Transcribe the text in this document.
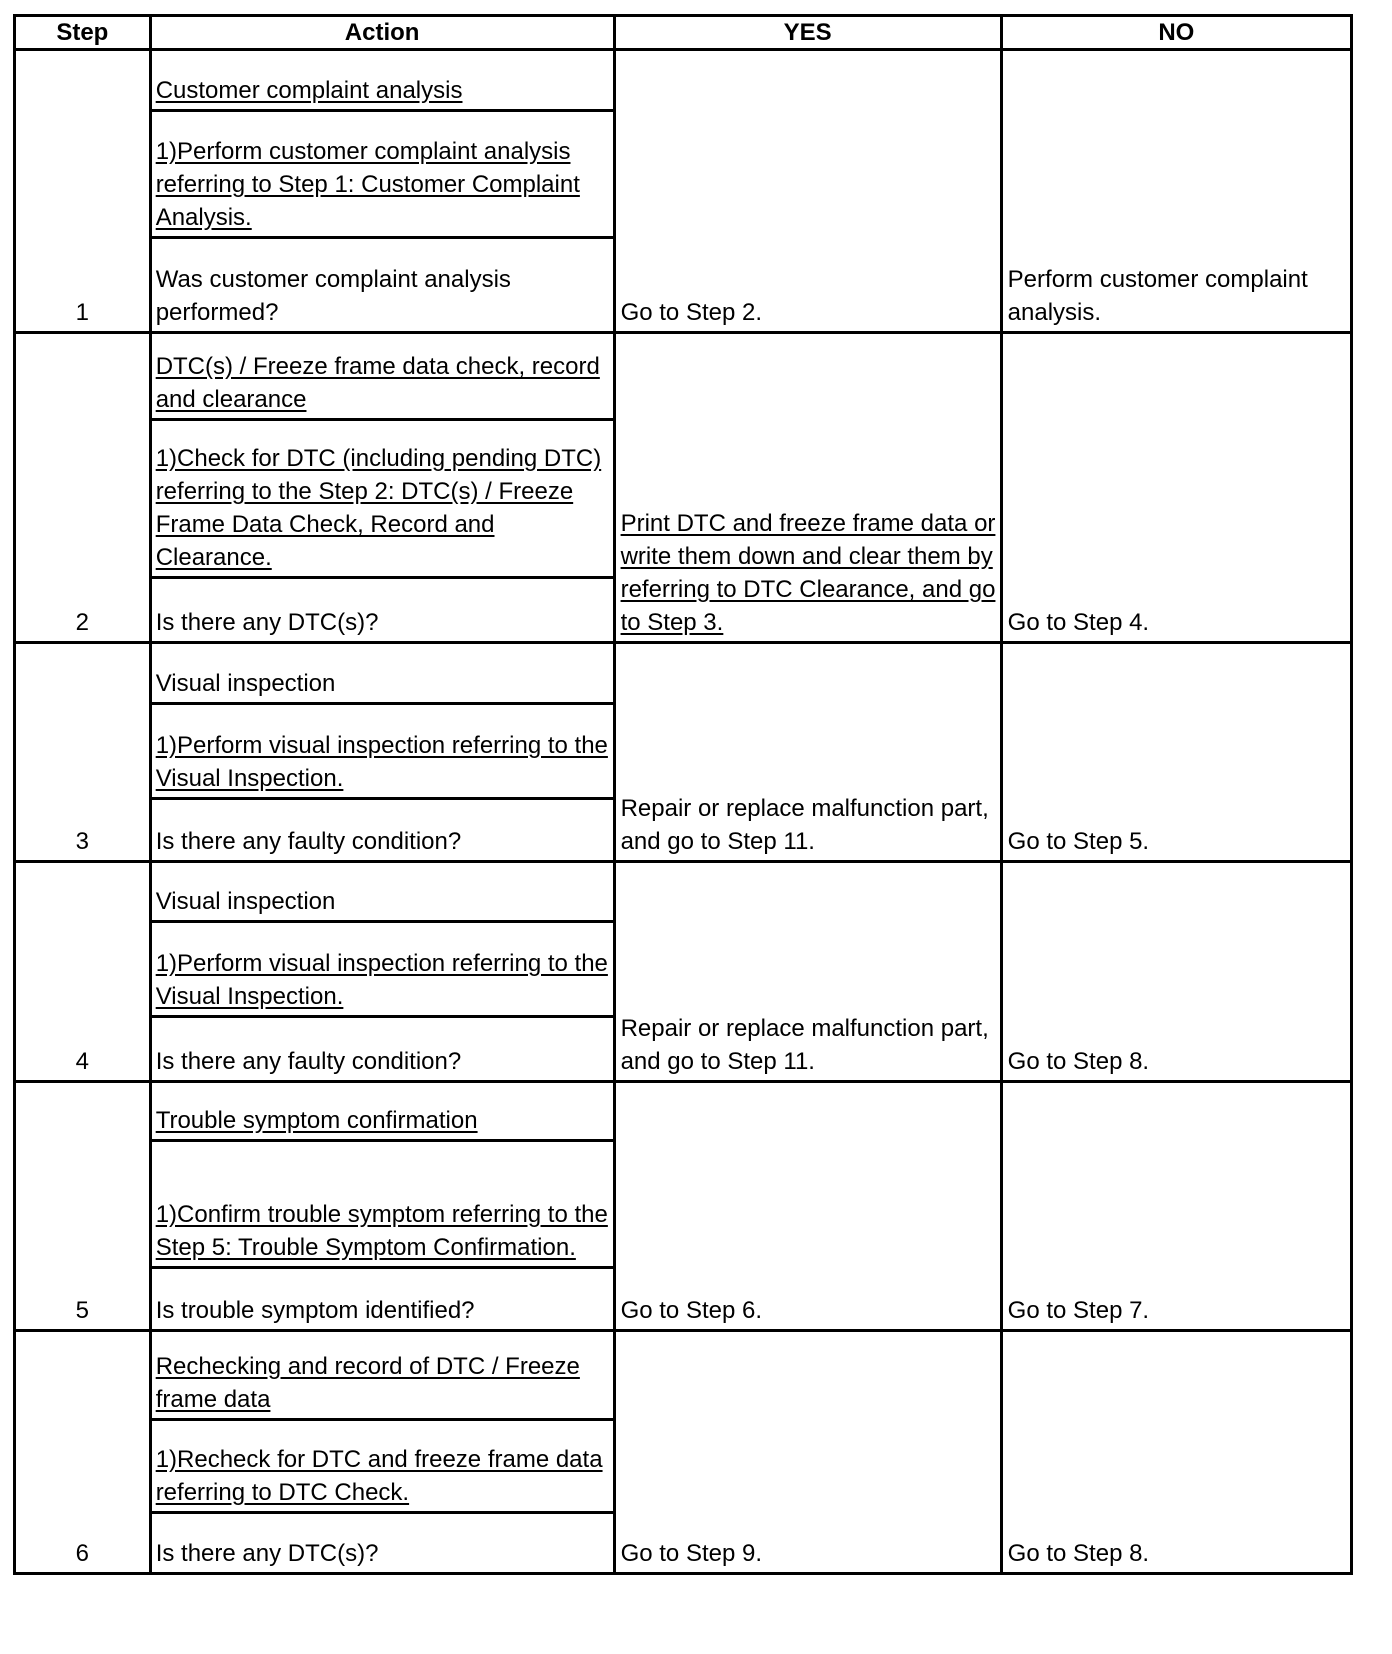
Step	Action	YES	NO
1	Customer complaint analysis
1)Perform customer complaint analysis referring to Step 1: Customer Complaint Analysis.
Was customer complaint analysis performed?	Go to Step 2.	Perform customer complaint analysis.
2	DTC(s) / Freeze frame data check, record and clearance
1)Check for DTC (including pending DTC) referring to the Step 2: DTC(s) / Freeze Frame Data Check, Record and Clearance.
Is there any DTC(s)?	Print DTC and freeze frame data or write them down and clear them by referring to DTC Clearance, and go to Step 3.	Go to Step 4.
3	Visual inspection
1)Perform visual inspection referring to the Visual Inspection.
Is there any faulty condition?	Repair or replace malfunction part, and go to Step 11.	Go to Step 5.
4	Visual inspection
1)Perform visual inspection referring to the Visual Inspection.
Is there any faulty condition?	Repair or replace malfunction part, and go to Step 11.	Go to Step 8.
5	Trouble symptom confirmation
1)Confirm trouble symptom referring to the Step 5: Trouble Symptom Confirmation.
Is trouble symptom identified?	Go to Step 6.	Go to Step 7.
6	Rechecking and record of DTC / Freeze frame data
1)Recheck for DTC and freeze frame data referring to DTC Check.
Is there any DTC(s)?	Go to Step 9.	Go to Step 8.
